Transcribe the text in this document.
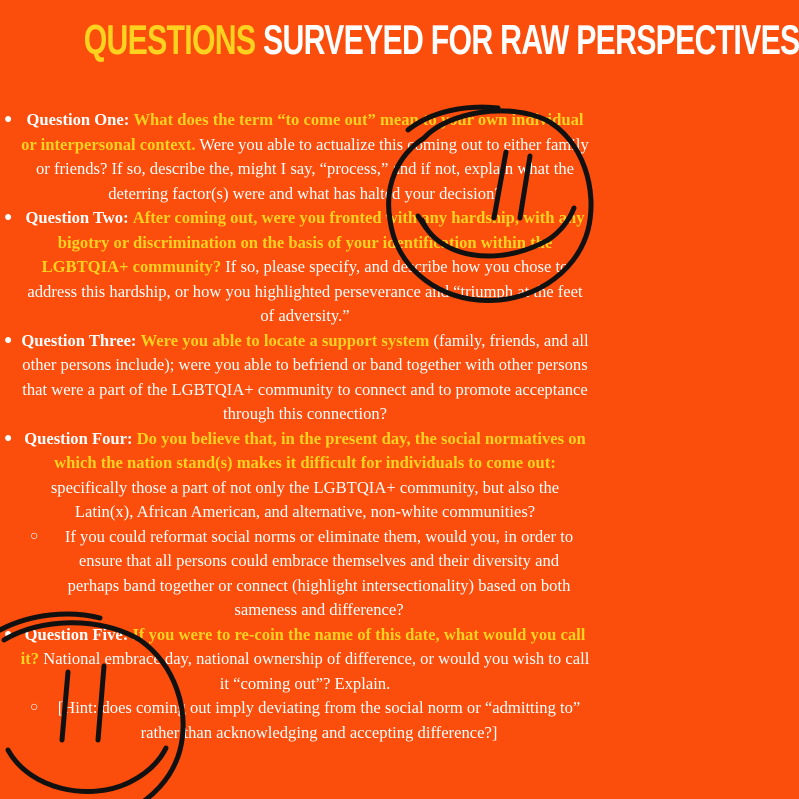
QUESTIONS SURVEYED FOR RAW PERSPECTIVES
● Question One: What does the term “to come out” mean to your own individual or interpersonal context. Were you able to actualize this coming out to either family or friends? If so, describe the, might I say, “process,” and if not, explain what the deterring factor(s) were and what has halted your decision?
● Question Two: After coming out, were you fronted with any hardship, with any bigotry or discrimination on the basis of your identification within the LGBTQIA+ community? If so, please specify, and describe how you chose to address this hardship, or how you highlighted perseverance and “triumph at the feet of adversity.”
● Question Three: Were you able to locate a support system (family, friends, and all other persons include); were you able to befriend or band together with other persons that were a part of the LGBTQIA+ community to connect and to promote acceptance through this connection?
● Question Four: Do you believe that, in the present day, the social normatives on which the nation stand(s) makes it difficult for individuals to come out: specifically those a part of not only the LGBTQIA+ community, but also the Latin(x), African American, and alternative, non-white communities?
○ If you could reformat social norms or eliminate them, would you, in order to ensure that all persons could embrace themselves and their diversity and perhaps band together or connect (highlight intersectionality) based on both sameness and difference?
● Question Five: If you were to re-coin the name of this date, what would you call it? National embrace day, national ownership of difference, or would you wish to call it “coming out”? Explain.
○ [Hint: does coming out imply deviating from the social norm or “admitting to” rather than acknowledging and accepting difference?]
